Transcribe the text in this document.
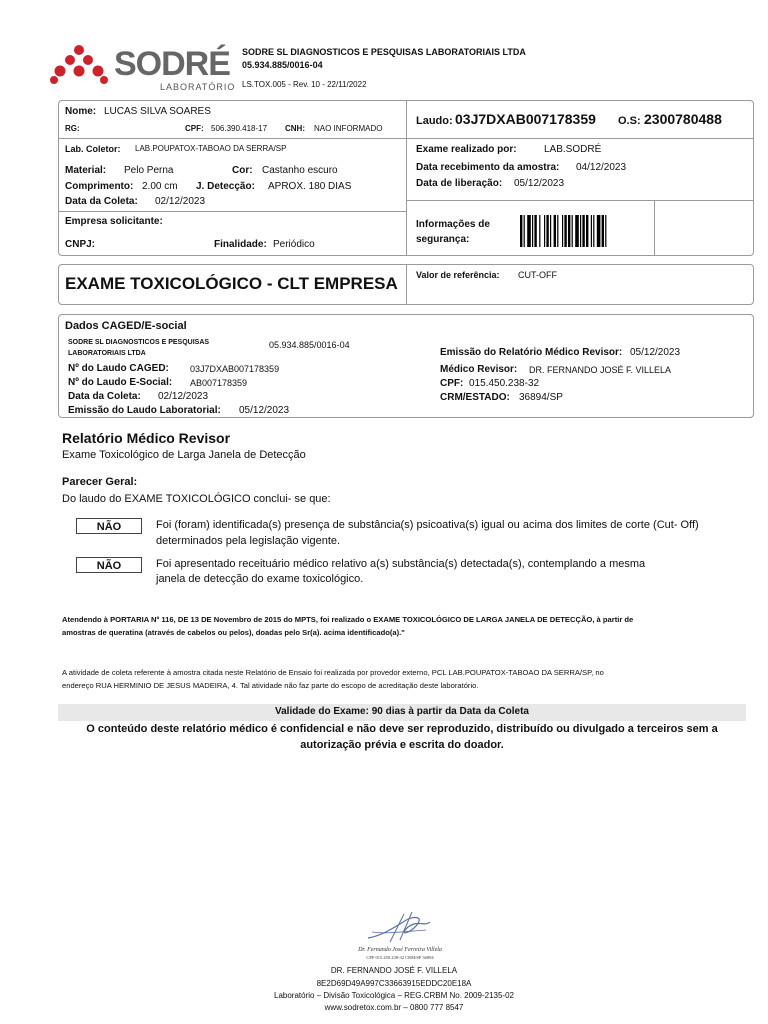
SODRÉ
LABORATÓRIO
SODRE SL DIAGNOSTICOS E PESQUISAS LABORATORIAIS LTDA
05.934.885/0016-04
LS.TOX.005 - Rev. 10 - 22/11/2022
Nome: LUCAS SILVA SOARES
RG:	CPF: 506.390.418-17 CNH: NAO INFORMADO
Laudo: 03J7DXAB007178359 O.S: 2300780488
Lab. Coletor: LAB.POUPATOX-TABOAO DA SERRA/SP
Material: Pelo Perna	Cor: Castanho escuro
Comprimento: 2.00 cm J. Detecção: APROX. 180 DIAS
Data da Coleta: 02/12/2023
Exame realizado por:	LAB.SODRÉ
Data recebimento da amostra: 04/12/2023
Data de liberação: 05/12/2023
Empresa solicitante:
CNPJ:	Finalidade: Periódico
Informações de
segurança:
EXAME TOXICOLÓGICO - CLT EMPRESA Valor de referência: CUT-OFF
Dados CAGED/E-social
SODRE SL DIAGNOSTICOS E PESQUISAS
LABORATORIAIS LTDA
05.934.885/0016-04
Nº do Laudo CAGED: 03J7DXAB007178359
Nº do Laudo E-Social: AB007178359
Data da Coleta: 02/12/2023
Emissão do Laudo Laboratorial: 05/12/2023
Emissão do Relatório Médico Revisor: 05/12/2023
Médico Revisor: DR. FERNANDO JOSÉ F. VILLELA
CPF: 015.450.238-32
CRM/ESTADO: 36894/SP
Relatório Médico Revisor
Exame Toxicológico de Larga Janela de Detecção
Parecer Geral:
Do laudo do EXAME TOXICOLÓGICO conclui- se que:
NÃO	Foi (foram) identificada(s) presença de substância(s) psicoativa(s) igual ou acima dos limites de corte (Cut- Off)
determinados pela legislação vigente.
NÃO	Foi apresentado receituário médico relativo a(s) substância(s) detectada(s), contemplando a mesma
janela de detecção do exame toxicológico.
Atendendo à PORTARIA Nº 116, DE 13 DE Novembro de 2015 do MPTS, foi realizado o EXAME TOXICOLÓGICO DE LARGA JANELA DE DETECÇÃO, à partir de
amostras de queratina (através de cabelos ou pelos), doadas pelo Sr(a). acima identificado(a)."
A atividade de coleta referente à amostra citada neste Relatório de Ensaio foi realizada por provedor externo, PCL LAB.POUPATOX-TABOAO DA SERRA/SP, no
endereço RUA HERMINIO DE JESUS MADEIRA, 4. Tal atividade não faz parte do escopo de acreditação deste laboratório.
Validade do Exame: 90 dias à partir da Data da Coleta
O conteúdo deste relatório médico é confidencial e não deve ser reproduzido, distribuído ou divulgado a terceiros sem a
autorização prévia e escrita do doador.
Dr. Fernando José Ferreira Villela
CPF 015.450.238-32 CRM/SP 36894
DR. FERNANDO JOSÉ F. VILLELA
8E2D69D49A997C33663915EDDC20E18A
Laboratório – Divisão Toxicológica – REG.CRBM No. 2009-2135-02
www.sodretox.com.br – 0800 777 8547
